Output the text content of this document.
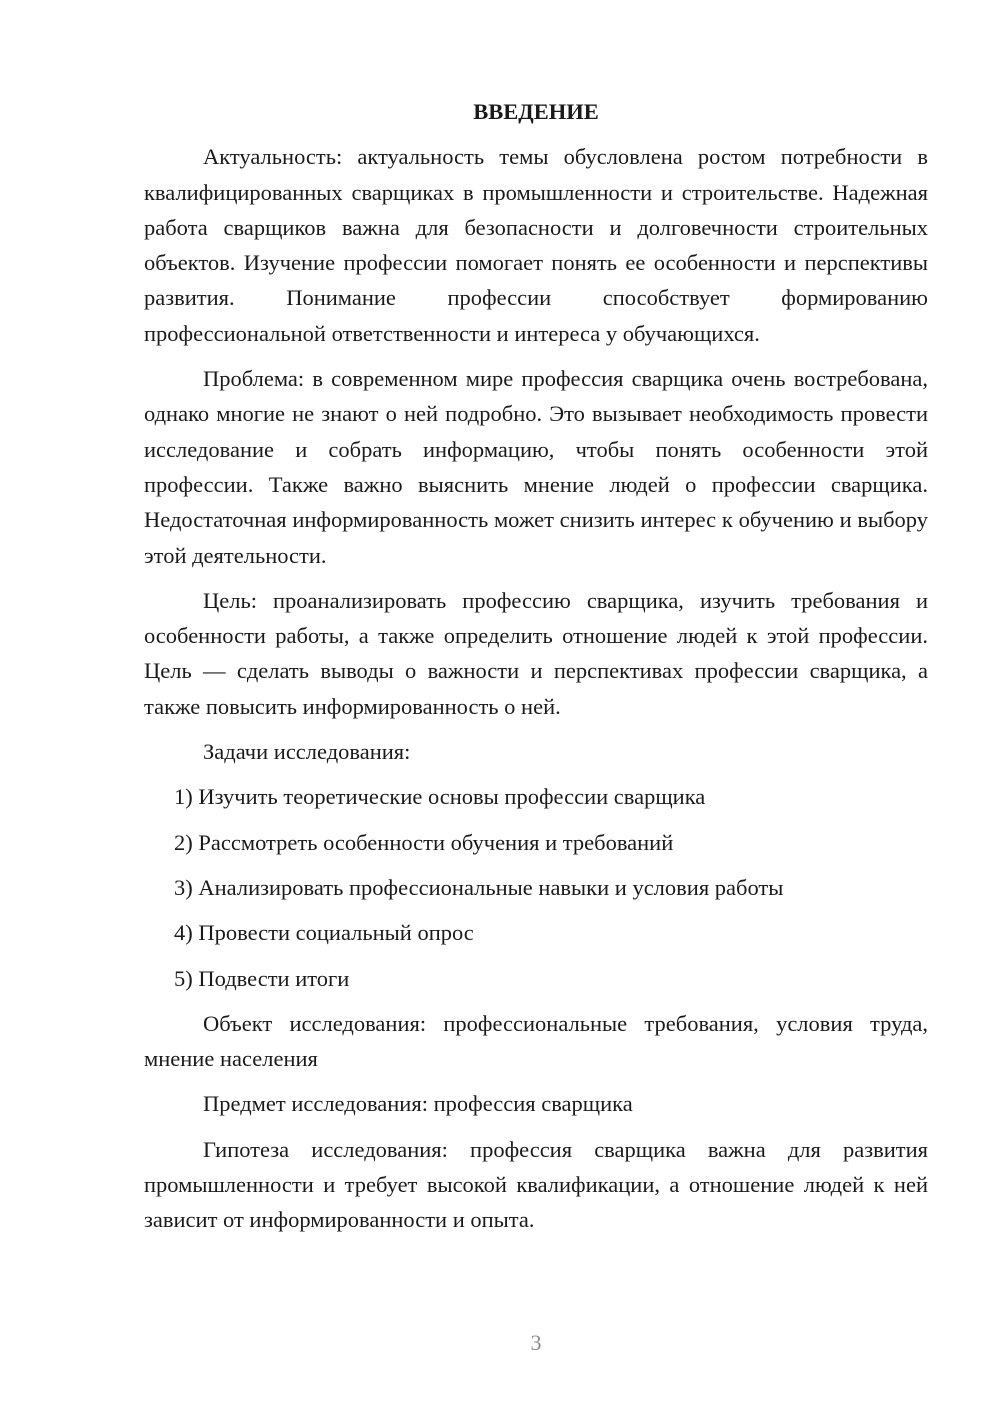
ВВЕДЕНИЕ
Актуальность: актуальность темы обусловлена ростом потребности в квалифицированных сварщиках в промышленности и строительстве. Надежная работа сварщиков важна для безопасности и долговечности строительных объектов. Изучение профессии помогает понять ее особенности и перспективы развития. Понимание профессии способствует формированию профессиональной ответственности и интереса у обучающихся.
Проблема: в современном мире профессия сварщика очень востребована, однако многие не знают о ней подробно. Это вызывает необходимость провести исследование и собрать информацию, чтобы понять особенности этой профессии. Также важно выяснить мнение людей о профессии сварщика. Недостаточная информированность может снизить интерес к обучению и выбору этой деятельности.
Цель: проанализировать профессию сварщика, изучить требования и особенности работы, а также определить отношение людей к этой профессии. Цель — сделать выводы о важности и перспективах профессии сварщика, а также повысить информированность о ней.
Задачи исследования:
1) Изучить теоретические основы профессии сварщика
2) Рассмотреть особенности обучения и требований
3) Анализировать профессиональные навыки и условия работы
4) Провести социальный опрос
5) Подвести итоги
Объект исследования: профессиональные требования, условия труда, мнение населения
Предмет исследования: профессия сварщика
Гипотеза исследования: профессия сварщика важна для развития промышленности и требует высокой квалификации, а отношение людей к ней зависит от информированности и опыта.
3
